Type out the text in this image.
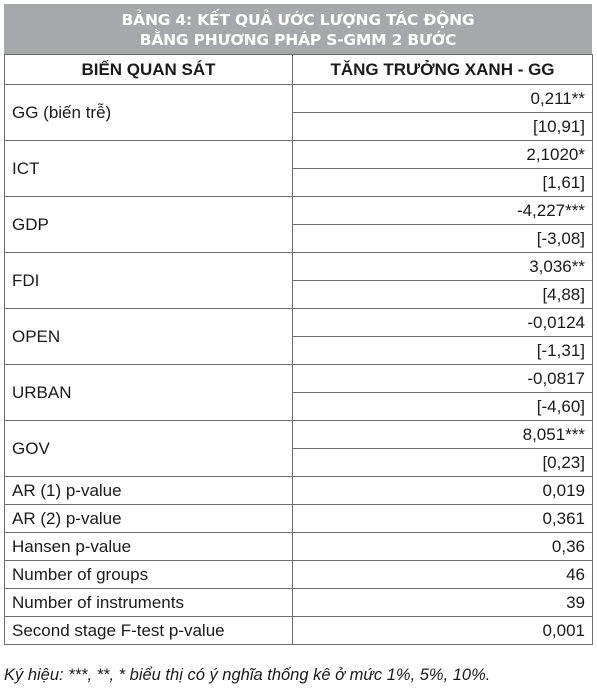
BẢNG 4: KẾT QUẢ ƯỚC LƯỢNG TÁC ĐỘNG
BẰNG PHƯƠNG PHÁP S-GMM 2 BƯỚC
BIẾN QUAN SÁT	TĂNG TRƯỞNG XANH - GG
GG (biến trễ)	0,211**
	[10,91]
ICT	2,1020*
	[1,61]
GDP	-4,227***
	[-3,08]
FDI	3,036**
	[4,88]
OPEN	-0,0124
	[-1,31]
URBAN	-0,0817
	[-4,60]
GOV	8,051***
	[0,23]
AR (1) p-value	0,019
AR (2) p-value	0,361
Hansen p-value	0,36
Number of groups	46
Number of instruments	39
Second stage F-test p-value	0,001
Ký hiệu: ***, **, * biểu thị có ý nghĩa thống kê ở mức 1%, 5%, 10%.
